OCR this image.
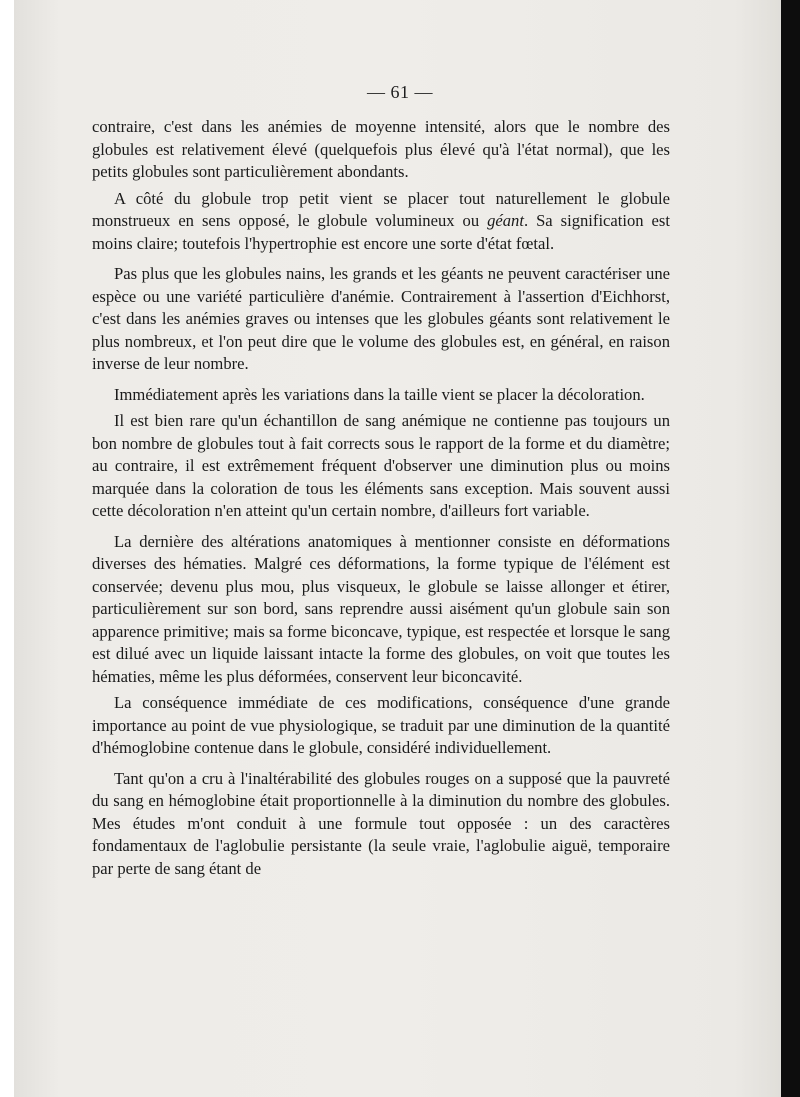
— 61 —

contraire, c'est dans les anémies de moyenne intensité, alors que le nombre des globules est relativement élevé (quelquefois plus élevé qu'à l'état normal), que les petits globules sont particulièrement abondants.

A côté du globule trop petit vient se placer tout naturellement le globule monstrueux en sens opposé, le globule volumineux ou géant. Sa signification est moins claire; toutefois l'hypertrophie est encore une sorte d'état fœtal.

Pas plus que les globules nains, les grands et les géants ne peuvent caractériser une espèce ou une variété particulière d'anémie. Contrairement à l'assertion d'Eichhorst, c'est dans les anémies graves ou intenses que les globules géants sont relativement le plus nombreux, et l'on peut dire que le volume des globules est, en général, en raison inverse de leur nombre.

Immédiatement après les variations dans la taille vient se placer la décoloration.

Il est bien rare qu'un échantillon de sang anémique ne contienne pas toujours un bon nombre de globules tout à fait corrects sous le rapport de la forme et du diamètre; au contraire, il est extrêmement fréquent d'observer une diminution plus ou moins marquée dans la coloration de tous les éléments sans exception. Mais souvent aussi cette décoloration n'en atteint qu'un certain nombre, d'ailleurs fort variable.

La dernière des altérations anatomiques à mentionner consiste en déformations diverses des hématies. Malgré ces déformations, la forme typique de l'élément est conservée; devenu plus mou, plus visqueux, le globule se laisse allonger et étirer, particulièrement sur son bord, sans reprendre aussi aisément qu'un globule sain son apparence primitive; mais sa forme biconcave, typique, est respectée et lorsque le sang est dilué avec un liquide laissant intacte la forme des globules, on voit que toutes les hématies, même les plus déformées, conservent leur biconcavité.

La conséquence immédiate de ces modifications, conséquence d'une grande importance au point de vue physiologique, se traduit par une diminution de la quantité d'hémoglobine contenue dans le globule, considéré individuellement.

Tant qu'on a cru à l'inaltérabilité des globules rouges on a supposé que la pauvreté du sang en hémoglobine était proportionnelle à la diminution du nombre des globules. Mes études m'ont conduit à une formule tout opposée : un des caractères fondamentaux de l'aglobulie persistante (la seule vraie, l'aglobulie aiguë, temporaire par perte de sang étant de
